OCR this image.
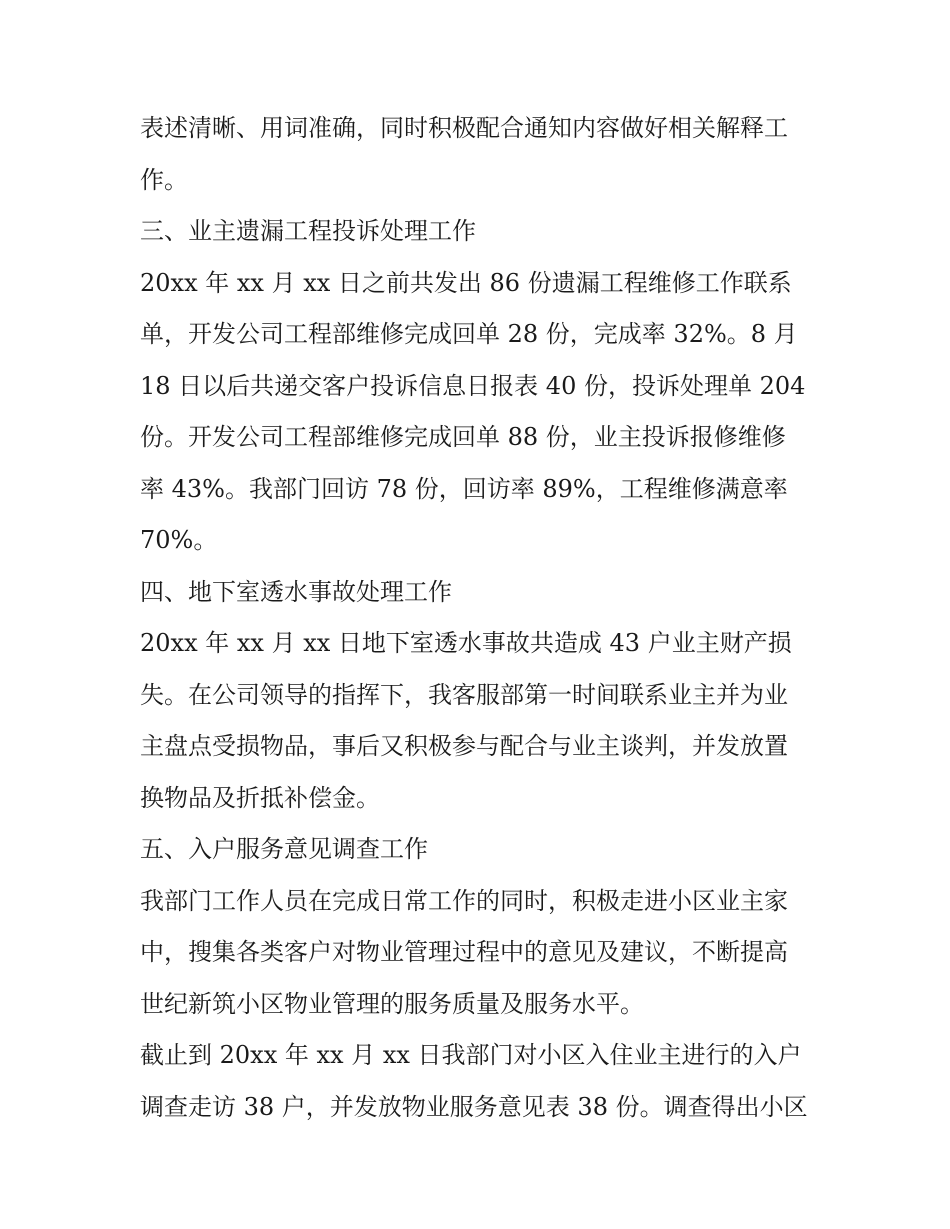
表述清晰、用词准确，同时积极配合通知内容做好相关解释工
作。
三、业主遗漏工程投诉处理工作
20xx 年 xx 月 xx 日之前共发出 86 份遗漏工程维修工作联系
单，开发公司工程部维修完成回单 28 份，完成率 32%。8 月
18 日以后共递交客户投诉信息日报表 40 份，投诉处理单 204
份。开发公司工程部维修完成回单 88 份，业主投诉报修维修
率 43%。我部门回访 78 份，回访率 89%，工程维修满意率
70%。
四、地下室透水事故处理工作
20xx 年 xx 月 xx 日地下室透水事故共造成 43 户业主财产损
失。在公司领导的指挥下，我客服部第一时间联系业主并为业
主盘点受损物品，事后又积极参与配合与业主谈判，并发放置
换物品及折抵补偿金。
五、入户服务意见调查工作
我部门工作人员在完成日常工作的同时，积极走进小区业主家
中，搜集各类客户对物业管理过程中的意见及建议，不断提高
世纪新筑小区物业管理的服务质量及服务水平。
截止到 20xx 年 xx 月 xx 日我部门对小区入住业主进行的入户
调查走访 38 户，并发放物业服务意见表 38 份。调查得出小区
